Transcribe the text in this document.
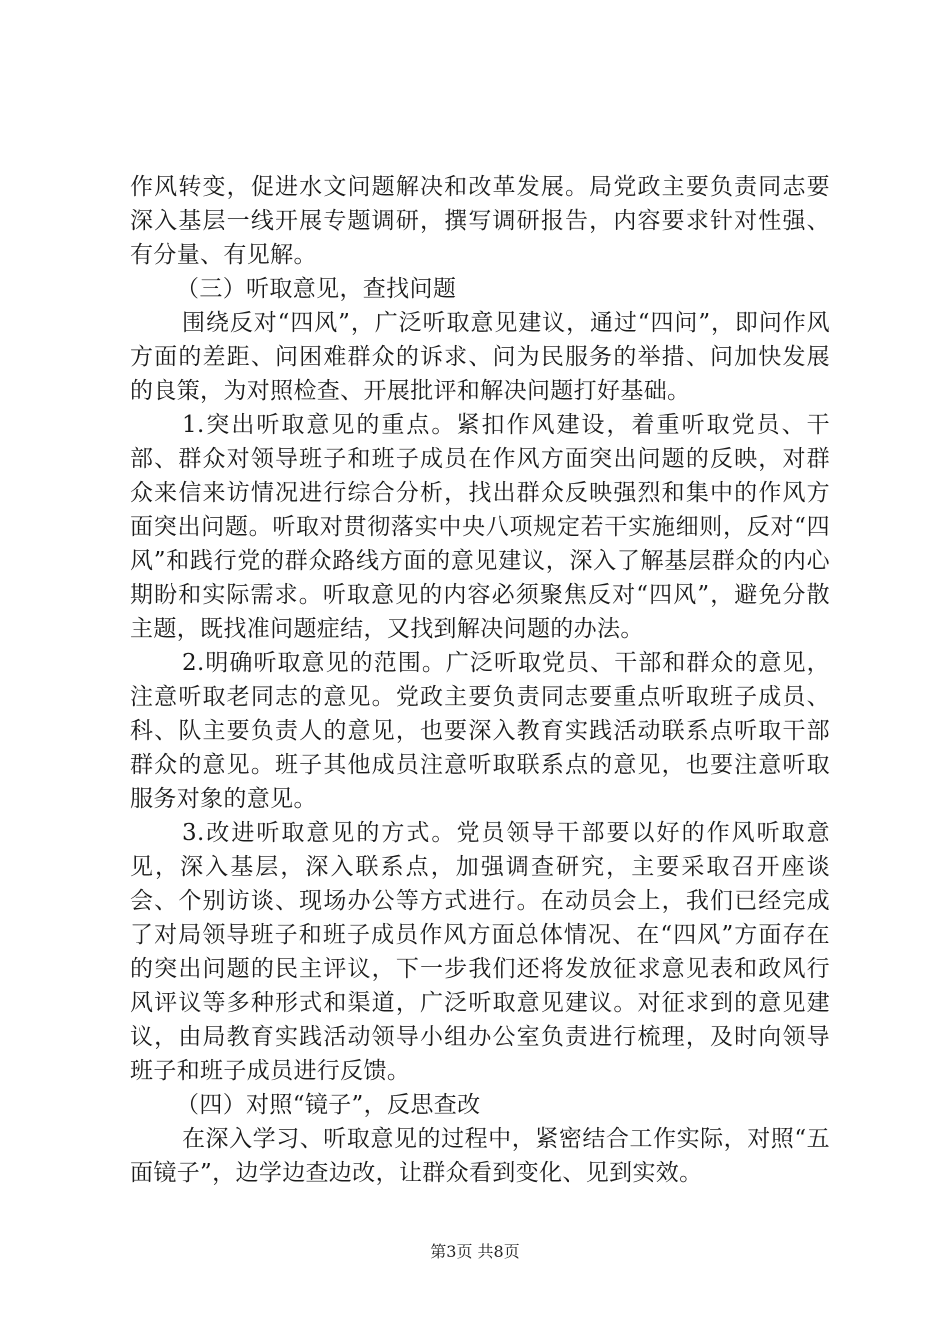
作风转变，促进水文问题解决和改革发展。局党政主要负责同志要深入基层一线开展专题调研，撰写调研报告，内容要求针对性强、有分量、有见解。

（三）听取意见，查找问题

围绕反对“四风”，广泛听取意见建议，通过“四问”，即问作风方面的差距、问困难群众的诉求、问为民服务的举措、问加快发展的良策，为对照检查、开展批评和解决问题打好基础。

1.突出听取意见的重点。紧扣作风建设，着重听取党员、干部、群众对领导班子和班子成员在作风方面突出问题的反映，对群众来信来访情况进行综合分析，找出群众反映强烈和集中的作风方面突出问题。听取对贯彻落实中央八项规定若干实施细则，反对“四风”和践行党的群众路线方面的意见建议，深入了解基层群众的内心期盼和实际需求。听取意见的内容必须聚焦反对“四风”，避免分散主题，既找准问题症结，又找到解决问题的办法。

2.明确听取意见的范围。广泛听取党员、干部和群众的意见，注意听取老同志的意见。党政主要负责同志要重点听取班子成员、科、队主要负责人的意见，也要深入教育实践活动联系点听取干部群众的意见。班子其他成员注意听取联系点的意见，也要注意听取服务对象的意见。

3.改进听取意见的方式。党员领导干部要以好的作风听取意见，深入基层，深入联系点，加强调查研究，主要采取召开座谈会、个别访谈、现场办公等方式进行。在动员会上，我们已经完成了对局领导班子和班子成员作风方面总体情况、在“四风”方面存在的突出问题的民主评议，下一步我们还将发放征求意见表和政风行风评议等多种形式和渠道，广泛听取意见建议。对征求到的意见建议，由局教育实践活动领导小组办公室负责进行梳理，及时向领导班子和班子成员进行反馈。

（四）对照“镜子”，反思查改

在深入学习、听取意见的过程中，紧密结合工作实际，对照“五面镜子”，边学边查边改，让群众看到变化、见到实效。

第3页 共8页
